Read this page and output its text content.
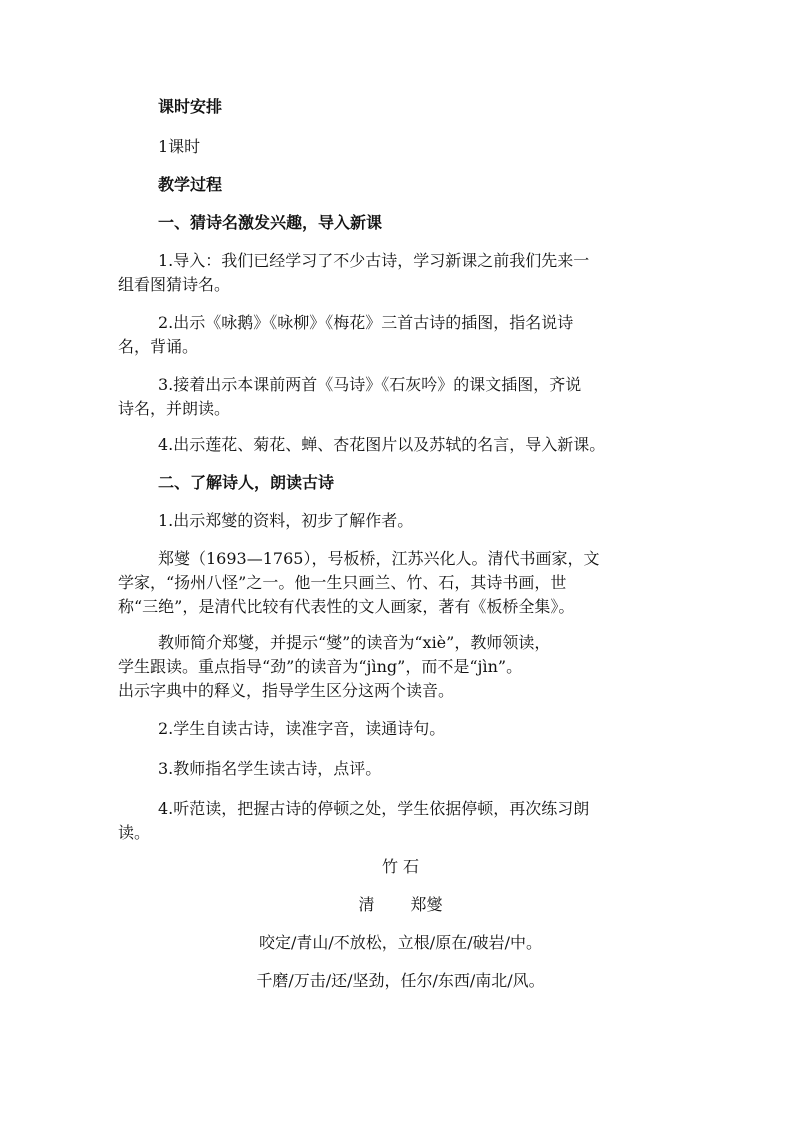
课时安排
1课时
教学过程
一、猜诗名激发兴趣，导入新课
1.导入：我们已经学习了不少古诗，学习新课之前我们先来一
组看图猜诗名。
2.出示《咏鹅》《咏柳》《梅花》三首古诗的插图，指名说诗
名，背诵。
3.接着出示本课前两首《马诗》《石灰吟》的课文插图，齐说
诗名，并朗读。
4.出示莲花、菊花、蝉、杏花图片以及苏轼的名言，导入新课。
二、了解诗人，朗读古诗
1.出示郑燮的资料，初步了解作者。
郑燮（1693—1765），号板桥，江苏兴化人。清代书画家，文
学家，“扬州八怪”之一。他一生只画兰、竹、石，其诗书画，世
称“三绝”，是清代比较有代表性的文人画家，著有《板桥全集》。
教师简介郑燮，并提示“燮”的读音为“xiè”，教师领读，
学生跟读。重点指导“劲”的读音为“jìng”，而不是“jìn”。
出示字典中的释义，指导学生区分这两个读音。
2.学生自读古诗，读准字音，读通诗句。
3.教师指名学生读古诗，点评。
4.听范读，把握古诗的停顿之处，学生依据停顿，再次练习朗
读。
竹 石
清 郑燮
咬定/青山/不放松，立根/原在/破岩/中。
千磨/万击/还/坚劲，任尔/东西/南北/风。
